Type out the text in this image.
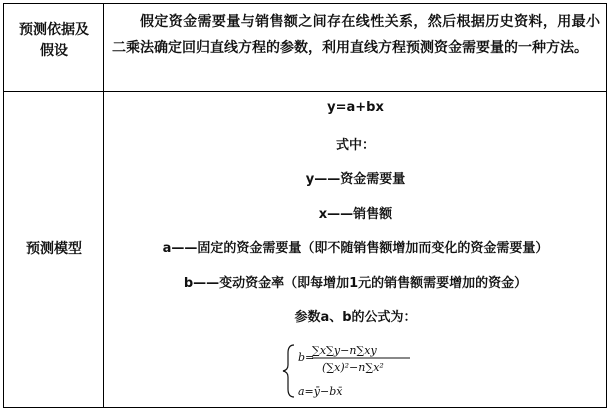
预测依据及
假设
假定资金需要量与销售额之间存在线性关系，然后根据历史资料，用最小二乘法确定回归直线方程的参数，利用直线方程预测资金需要量的一种方法。
预测模型
y=a+bx
式中：
y——资金需要量
x——销售额
a——固定的资金需要量（即不随销售额增加而变化的资金需要量）
b——变动资金率（即每增加1元的销售额需要增加的资金）
参数a、b的公式为：
b=
∑x∑y−n∑xy
(∑x)²−n∑x²
a=ȳ−bx̄
